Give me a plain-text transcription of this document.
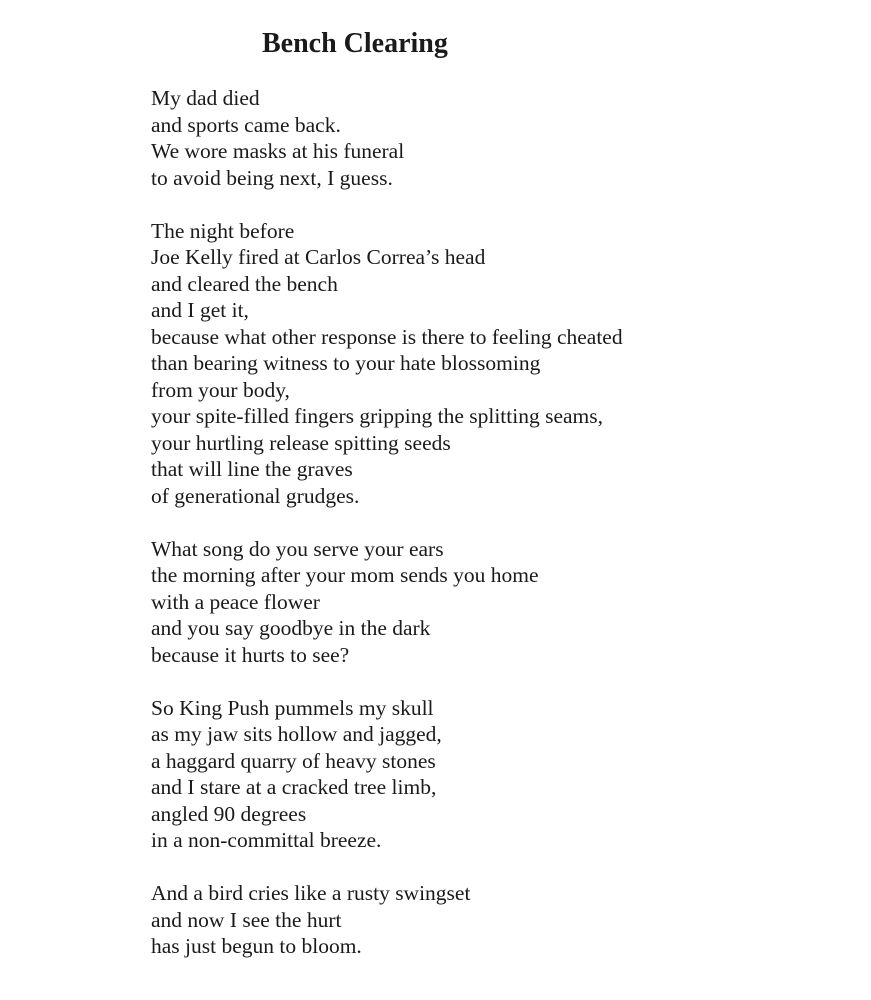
Bench Clearing
My dad died
and sports came back.
We wore masks at his funeral
to avoid being next, I guess.
The night before
Joe Kelly fired at Carlos Correa’s head
and cleared the bench
and I get it,
because what other response is there to feeling cheated
than bearing witness to your hate blossoming
from your body,
your spite-filled fingers gripping the splitting seams,
your hurtling release spitting seeds
that will line the graves
of generational grudges.
What song do you serve your ears
the morning after your mom sends you home
with a peace flower
and you say goodbye in the dark
because it hurts to see?
So King Push pummels my skull
as my jaw sits hollow and jagged,
a haggard quarry of heavy stones
and I stare at a cracked tree limb,
angled 90 degrees
in a non-committal breeze.
And a bird cries like a rusty swingset
and now I see the hurt
has just begun to bloom.
